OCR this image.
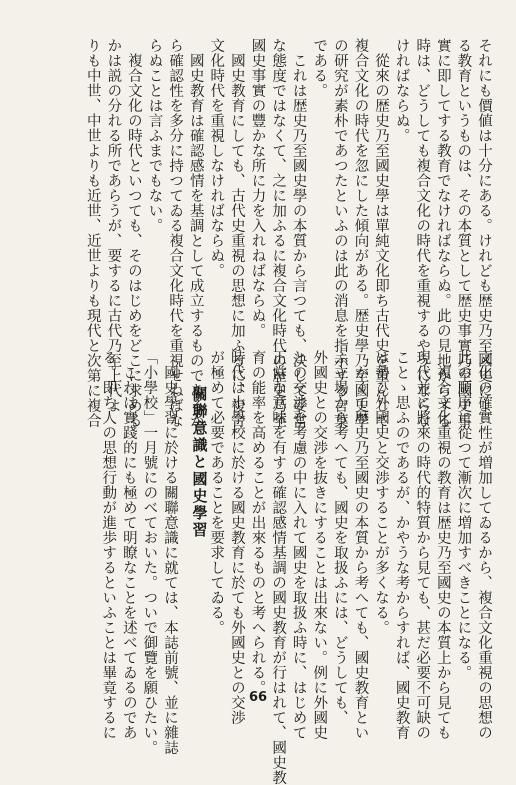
それにも價値は十分にある。けれども歴史乃至國史によ

る教育というものは、その本質として歴史事實乃至國史事

實に即してする教育でなければならぬ。此の見地からする

時は、どうしても複合文化の時代を重視するやうにならな

ければならぬ。

從來の歴史乃至國史學は單純文化即ち古代史を重んじて

複合文化の時代を忽にした傾向がある。歴史學乃至國史學

の研究が素朴であつたといふのは此の消息を指示する言葉

である。

これは歴史乃至國史學の本質から言つても、決して妥當

な態度ではなくて、之に加ふるに複合文化時代の歴史乃至

國史事實の豐かな所に力を入れねばならぬ。

國史教育にしても、古代史重視の思想に加ふるに、複合

文化時代を重視しなければならぬ。

國史教育は確認感情を基調として成立するものであるか

ら確認性を多分に持つてゐる複合文化時代を重視せねばな

らぬことは言ふまでもない。

複合文化の時代といつても、そのはじめをどこに求める

かは説の分れる所であらうが、要するに古代乃至上代よ

りも中世、中世よりも近世、近世よりも現代と次第に複合

文化の確實性が増加してゐるから、複合文化重視の思想の

此の順序に從つて漸次に増加すべきことになる。

複合文化重視の教育は歴史乃至國史の本質上から見ても

現代並に將來の時代的特質から見ても、甚だ必要不可缺の

ことゝ思ふのであるが、かやうな考からすれば、國史教育

は勢ひ外國史と交渉することが多くなる。

かくて歴史乃至國史の本質から考へても、國史教育とい

ふ立場から考へても、國史を取扱ふには、どうしても、

外國史との交渉を抜きにすることは出來ない。例に外國史

との交渉を考慮の中に入れて國史を取扱ふ時に、はじめて

正當な意味を有する確認感情基調の國史教育が行はれて、國史教

育の能率を高めることが出來るものと考へられる。

時代は小學校に於ける國史教育に於ても外國史との交渉

が極めて必要であることを要求してゐる。

關聯意識と國史學習

國史學習に於ける關聯意識に就ては、本誌前號、並に雜誌

「小學校」一月號にのべておいた。ついで御覽を願ひたい。

これは實踐的にも極めて明瞭なことを述べてゐるのであ

る。即ち人の思想行動が進歩するといふことは畢竟するに	66
